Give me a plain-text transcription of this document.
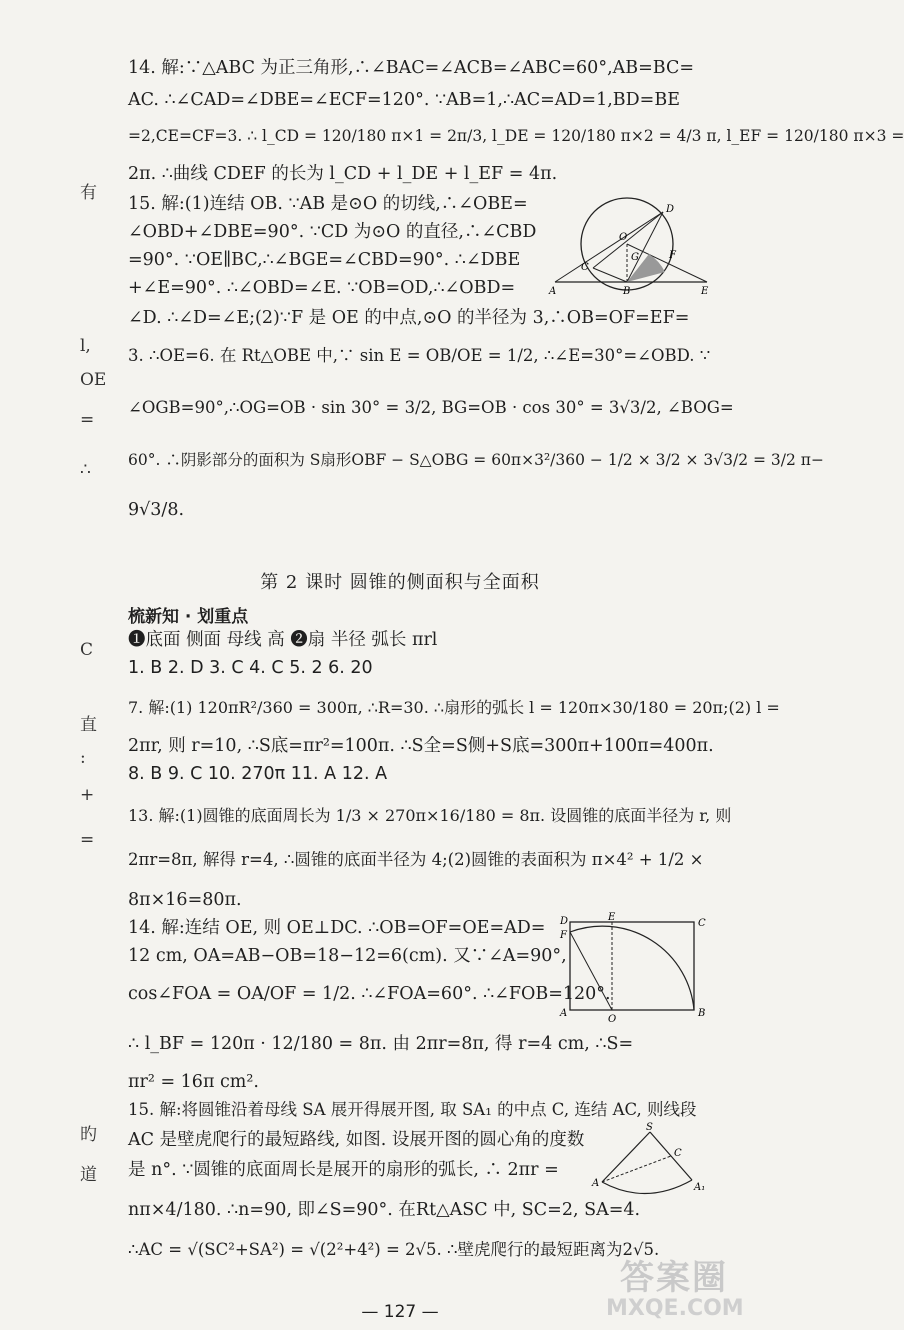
有
l,
OE
=
∴
C
直
:
+
=
旳
道
14. 解:∵△ABC 为正三角形,∴∠BAC=∠ACB=∠ABC=60°,AB=BC=
AC. ∴∠CAD=∠DBE=∠ECF=120°. ∵AB=1,∴AC=AD=1,BD=BE
=2,CE=CF=3. ∴ l_CD = 120/180 π×1 = 2π/3, l_DE = 120/180 π×2 = 4/3 π, l_EF = 120/180 π×3 =
2π. ∴曲线 CDEF 的长为 l_CD + l_DE + l_EF = 4π.
15. 解:(1)连结 OB. ∵AB 是⊙O 的切线,∴∠OBE=
∠OBD+∠DBE=90°. ∵CD 为⊙O 的直径,∴∠CBD
=90°. ∵OE∥BC,∴∠BGE=∠CBD=90°. ∴∠DBE
+∠E=90°. ∴∠OBD=∠E. ∵OB=OD,∴∠OBD=
∠D. ∴∠D=∠E;(2)∵F 是 OE 的中点,⊙O 的半径为 3,∴OB=OF=EF=
3. ∴OE=6. 在 Rt△OBE 中,∵ sin E = OB/OE = 1/2, ∴∠E=30°=∠OBD. ∵
∠OGB=90°,∴OG=OB · sin 30° = 3/2, BG=OB · cos 30° = 3√3/2, ∠BOG=
60°. ∴阴影部分的面积为 S扇形OBF − S△OBG = 60π×3²/360 − 1/2 × 3/2 × 3√3/2 = 3/2 π−
9√3/8.
O
D
C
G	F
A	B	E
第 2 课时 圆锥的侧面积与全面积
梳新知 · 划重点
❶底面 侧面 母线 高 ❷扇 半径 弧长 πrl
1. B 2. D 3. C 4. C 5. 2 6. 20
7. 解:(1) 120πR²/360 = 300π, ∴R=30. ∴扇形的弧长 l = 120π×30/180 = 20π;(2) l =
2πr, 则 r=10, ∴S底=πr²=100π. ∴S全=S侧+S底=300π+100π=400π.
8. B 9. C 10. 270π 11. A 12. A
13. 解:(1)圆锥的底面周长为 1/3 × 270π×16/180 = 8π. 设圆锥的底面半径为 r, 则
2πr=8π, 解得 r=4, ∴圆锥的底面半径为 4;(2)圆锥的表面积为 π×4² + 1/2 ×
8π×16=80π.
14. 解:连结 OE, 则 OE⊥DC. ∴OB=OF=OE=AD=
12 cm, OA=AB−OB=18−12=6(cm). 又∵∠A=90°,
cos∠FOA = OA/OF = 1/2. ∴∠FOA=60°. ∴∠FOB=120°.
∴ l_BF = 120π · 12/180 = 8π. 由 2πr=8π, 得 r=4 cm, ∴S=
πr² = 16π cm².
D	E
C
F
A
O
B
15. 解:将圆锥沿着母线 SA 展开得展开图, 取 SA₁ 的中点 C, 连结 AC, 则线段
AC 是壁虎爬行的最短路线, 如图. 设展开图的圆心角的度数
是 n°. ∵圆锥的底面周长是展开的扇形的弧长, ∴ 2πr =
nπ×4/180. ∴n=90, 即∠S=90°. 在Rt△ASC 中, SC=2, SA=4.
∴AC = √(SC²+SA²) = √(2²+4²) = 2√5. ∴壁虎爬行的最短距离为2√5.
S
C
A	A₁
— 127 —
答案圈
MXQE.COM
